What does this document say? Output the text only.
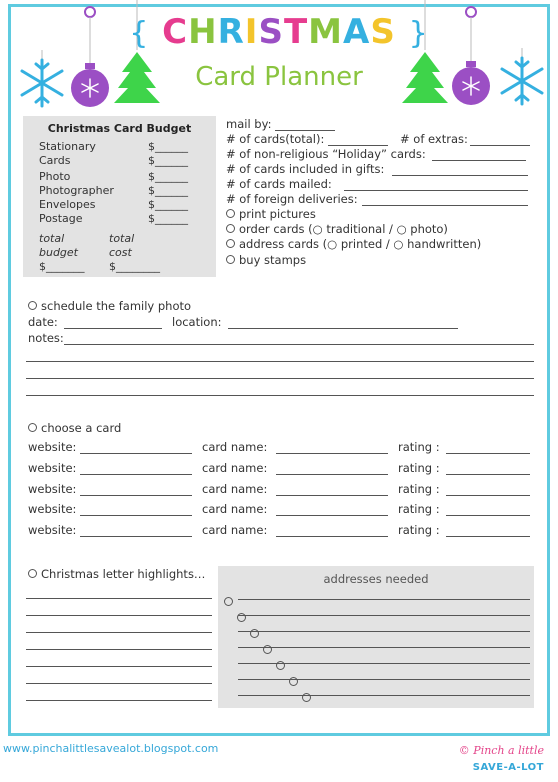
{ CHRISTMAS }
Card Planner
Christmas Card Budget
Stationary	$______
Cards	$______
Photo	$______
Photographer	$______
Envelopes	$______
Postage	$______
total
budget
$_______
total
cost
$________
mail by:
# of cards(total):	# of extras:
# of non-religious “Holiday” cards:
# of cards included in gifts:
# of cards mailed:
# of foreign deliveries:
print pictures
order cards (○ traditional / ○ photo)
address cards (○ printed / ○ handwritten)
buy stamps
schedule the family photo
date:	location:
notes:
choose a card
website:	card name:	rating :
website:	card name:	rating :
website:	card name:	rating :
website:	card name:	rating :
website:	card name:	rating :
Christmas letter highlights…	addresses needed
www.pinchalittlesavealot.blogspot.com	© Pinch a little
SAVE-A-LOT
